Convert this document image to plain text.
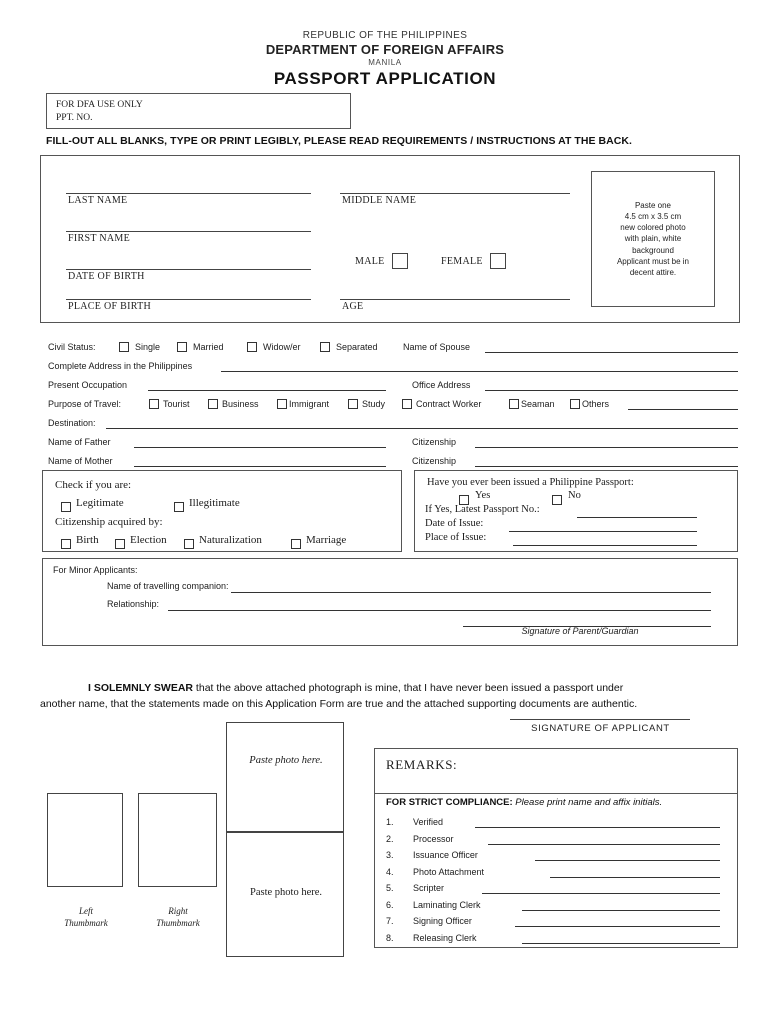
REPUBLIC OF THE PHILIPPINES
DEPARTMENT OF FOREIGN AFFAIRS
MANILA
PASSPORT APPLICATION
FOR DFA USE ONLY
PPT. NO.
FILL-OUT ALL BLANKS, TYPE OR PRINT LEGIBLY, PLEASE READ REQUIREMENTS / INSTRUCTIONS AT THE BACK.
LAST NAME
FIRST NAME
DATE OF BIRTH
PLACE OF BIRTH
MIDDLE NAME
AGE
MALE	FEMALE
Paste one
4.5 cm x 3.5 cm
new colored photo
with plain, white
background
Applicant must be in
decent attire.
Civil Status:	Single	Married	Widow/er	Separated	Name of Spouse
Complete Address in the Philippines
Present Occupation	Office Address
Purpose of Travel:	Tourist	Business	Immigrant	Study	Contract Worker	Seaman	Others
Destination:
Name of Father	Citizenship
Name of Mother	Citizenship
Check if you are:
Legitimate	Illegitimate
Citizenship acquired by:
Birth	Election	Naturalization	Marriage
Have you ever been issued a Philippine Passport:
Yes	No
If Yes, Latest Passport No.:
Date of Issue:
Place of Issue:
For Minor Applicants:
Name of travelling companion:
Relationship:
Signature of Parent/Guardian
I SOLEMNLY SWEAR that the above attached photograph is mine, that I have never been issued a passport under
another name, that the statements made on this Application Form are true and the attached supporting documents are authentic.
SIGNATURE OF APPLICANT
Left
Thumbmark
Right
Thumbmark
Paste photo here.
Paste photo here.
REMARKS:
FOR STRICT COMPLIANCE: Please print name and affix initials.
1.	Verified
2.	Processor
3.	Issuance Officer
4.	Photo Attachment
5.	Scripter
6.	Laminating Clerk
7.	Signing Officer
8.	Releasing Clerk
